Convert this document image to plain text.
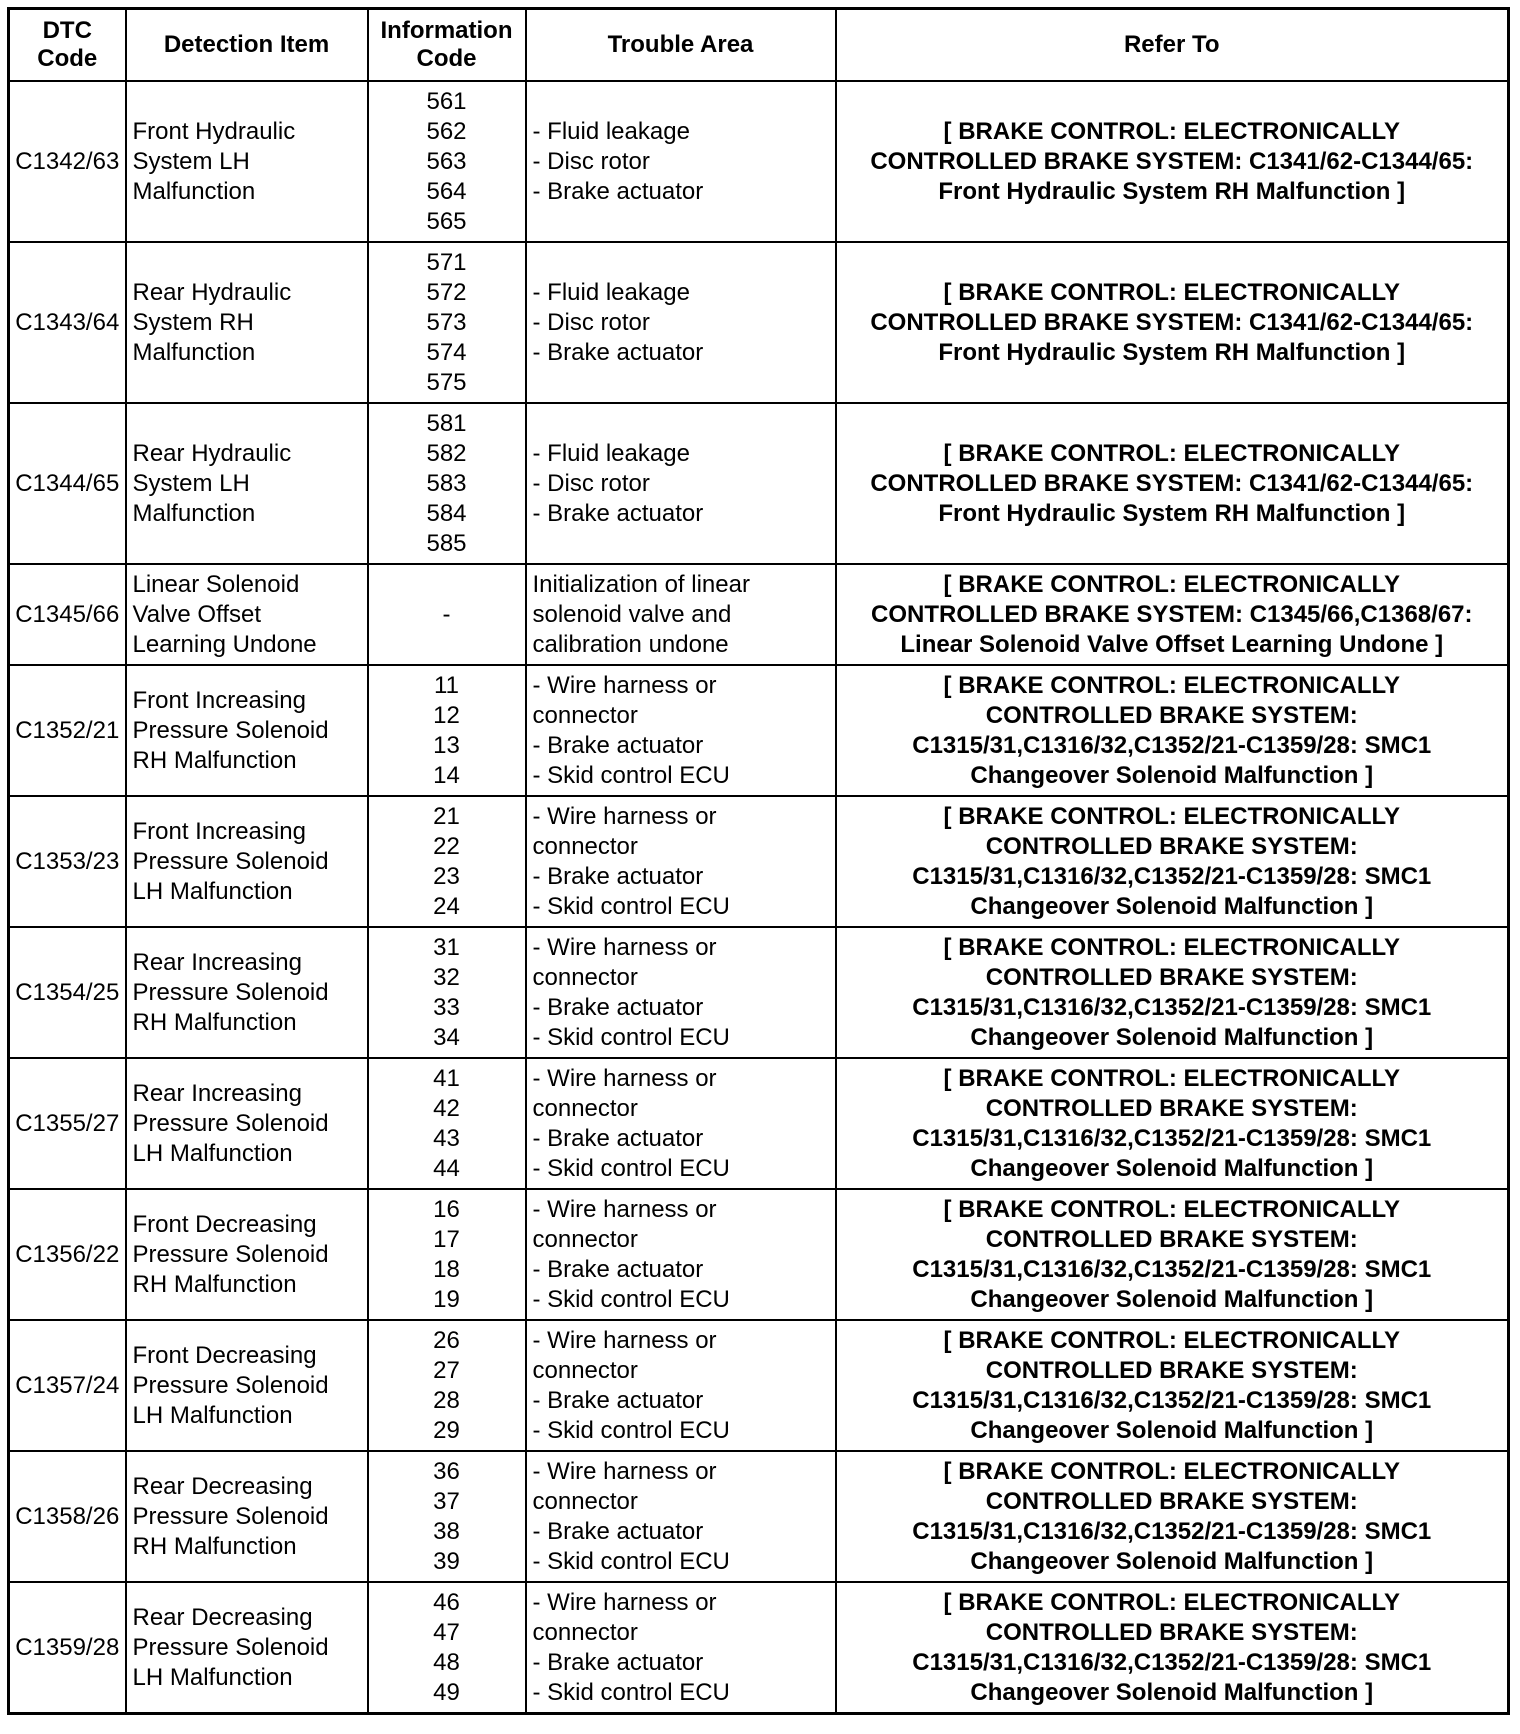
DTC
Code	Detection Item	Information
Code	Trouble Area	Refer To

C1342/63	Front Hydraulic
System LH
Malfunction	561
562
563
564
565	- Fluid leakage
- Disc rotor
- Brake actuator	[ BRAKE CONTROL: ELECTRONICALLY
CONTROLLED BRAKE SYSTEM: C1341/62-C1344/65:
Front Hydraulic System RH Malfunction ]

C1343/64	Rear Hydraulic
System RH
Malfunction	571
572
573
574
575	- Fluid leakage
- Disc rotor
- Brake actuator	[ BRAKE CONTROL: ELECTRONICALLY
CONTROLLED BRAKE SYSTEM: C1341/62-C1344/65:
Front Hydraulic System RH Malfunction ]

C1344/65	Rear Hydraulic
System LH
Malfunction	581
582
583
584
585	- Fluid leakage
- Disc rotor
- Brake actuator	[ BRAKE CONTROL: ELECTRONICALLY
CONTROLLED BRAKE SYSTEM: C1341/62-C1344/65:
Front Hydraulic System RH Malfunction ]

C1345/66	Linear Solenoid
Valve Offset
Learning Undone	-	Initialization of linear
solenoid valve and
calibration undone	[ BRAKE CONTROL: ELECTRONICALLY
CONTROLLED BRAKE SYSTEM: C1345/66,C1368/67:
Linear Solenoid Valve Offset Learning Undone ]

C1352/21	Front Increasing
Pressure Solenoid
RH Malfunction	11
12
13
14	- Wire harness or
connector
- Brake actuator
- Skid control ECU	[ BRAKE CONTROL: ELECTRONICALLY
CONTROLLED BRAKE SYSTEM:
C1315/31,C1316/32,C1352/21-C1359/28: SMC1
Changeover Solenoid Malfunction ]

C1353/23	Front Increasing
Pressure Solenoid
LH Malfunction	21
22
23
24	- Wire harness or
connector
- Brake actuator
- Skid control ECU	[ BRAKE CONTROL: ELECTRONICALLY
CONTROLLED BRAKE SYSTEM:
C1315/31,C1316/32,C1352/21-C1359/28: SMC1
Changeover Solenoid Malfunction ]

C1354/25	Rear Increasing
Pressure Solenoid
RH Malfunction	31
32
33
34	- Wire harness or
connector
- Brake actuator
- Skid control ECU	[ BRAKE CONTROL: ELECTRONICALLY
CONTROLLED BRAKE SYSTEM:
C1315/31,C1316/32,C1352/21-C1359/28: SMC1
Changeover Solenoid Malfunction ]

C1355/27	Rear Increasing
Pressure Solenoid
LH Malfunction	41
42
43
44	- Wire harness or
connector
- Brake actuator
- Skid control ECU	[ BRAKE CONTROL: ELECTRONICALLY
CONTROLLED BRAKE SYSTEM:
C1315/31,C1316/32,C1352/21-C1359/28: SMC1
Changeover Solenoid Malfunction ]

C1356/22	Front Decreasing
Pressure Solenoid
RH Malfunction	16
17
18
19	- Wire harness or
connector
- Brake actuator
- Skid control ECU	[ BRAKE CONTROL: ELECTRONICALLY
CONTROLLED BRAKE SYSTEM:
C1315/31,C1316/32,C1352/21-C1359/28: SMC1
Changeover Solenoid Malfunction ]

C1357/24	Front Decreasing
Pressure Solenoid
LH Malfunction	26
27
28
29	- Wire harness or
connector
- Brake actuator
- Skid control ECU	[ BRAKE CONTROL: ELECTRONICALLY
CONTROLLED BRAKE SYSTEM:
C1315/31,C1316/32,C1352/21-C1359/28: SMC1
Changeover Solenoid Malfunction ]

C1358/26	Rear Decreasing
Pressure Solenoid
RH Malfunction	36
37
38
39	- Wire harness or
connector
- Brake actuator
- Skid control ECU	[ BRAKE CONTROL: ELECTRONICALLY
CONTROLLED BRAKE SYSTEM:
C1315/31,C1316/32,C1352/21-C1359/28: SMC1
Changeover Solenoid Malfunction ]

C1359/28	Rear Decreasing
Pressure Solenoid
LH Malfunction	46
47
48
49	- Wire harness or
connector
- Brake actuator
- Skid control ECU	[ BRAKE CONTROL: ELECTRONICALLY
CONTROLLED BRAKE SYSTEM:
C1315/31,C1316/32,C1352/21-C1359/28: SMC1
Changeover Solenoid Malfunction ]
